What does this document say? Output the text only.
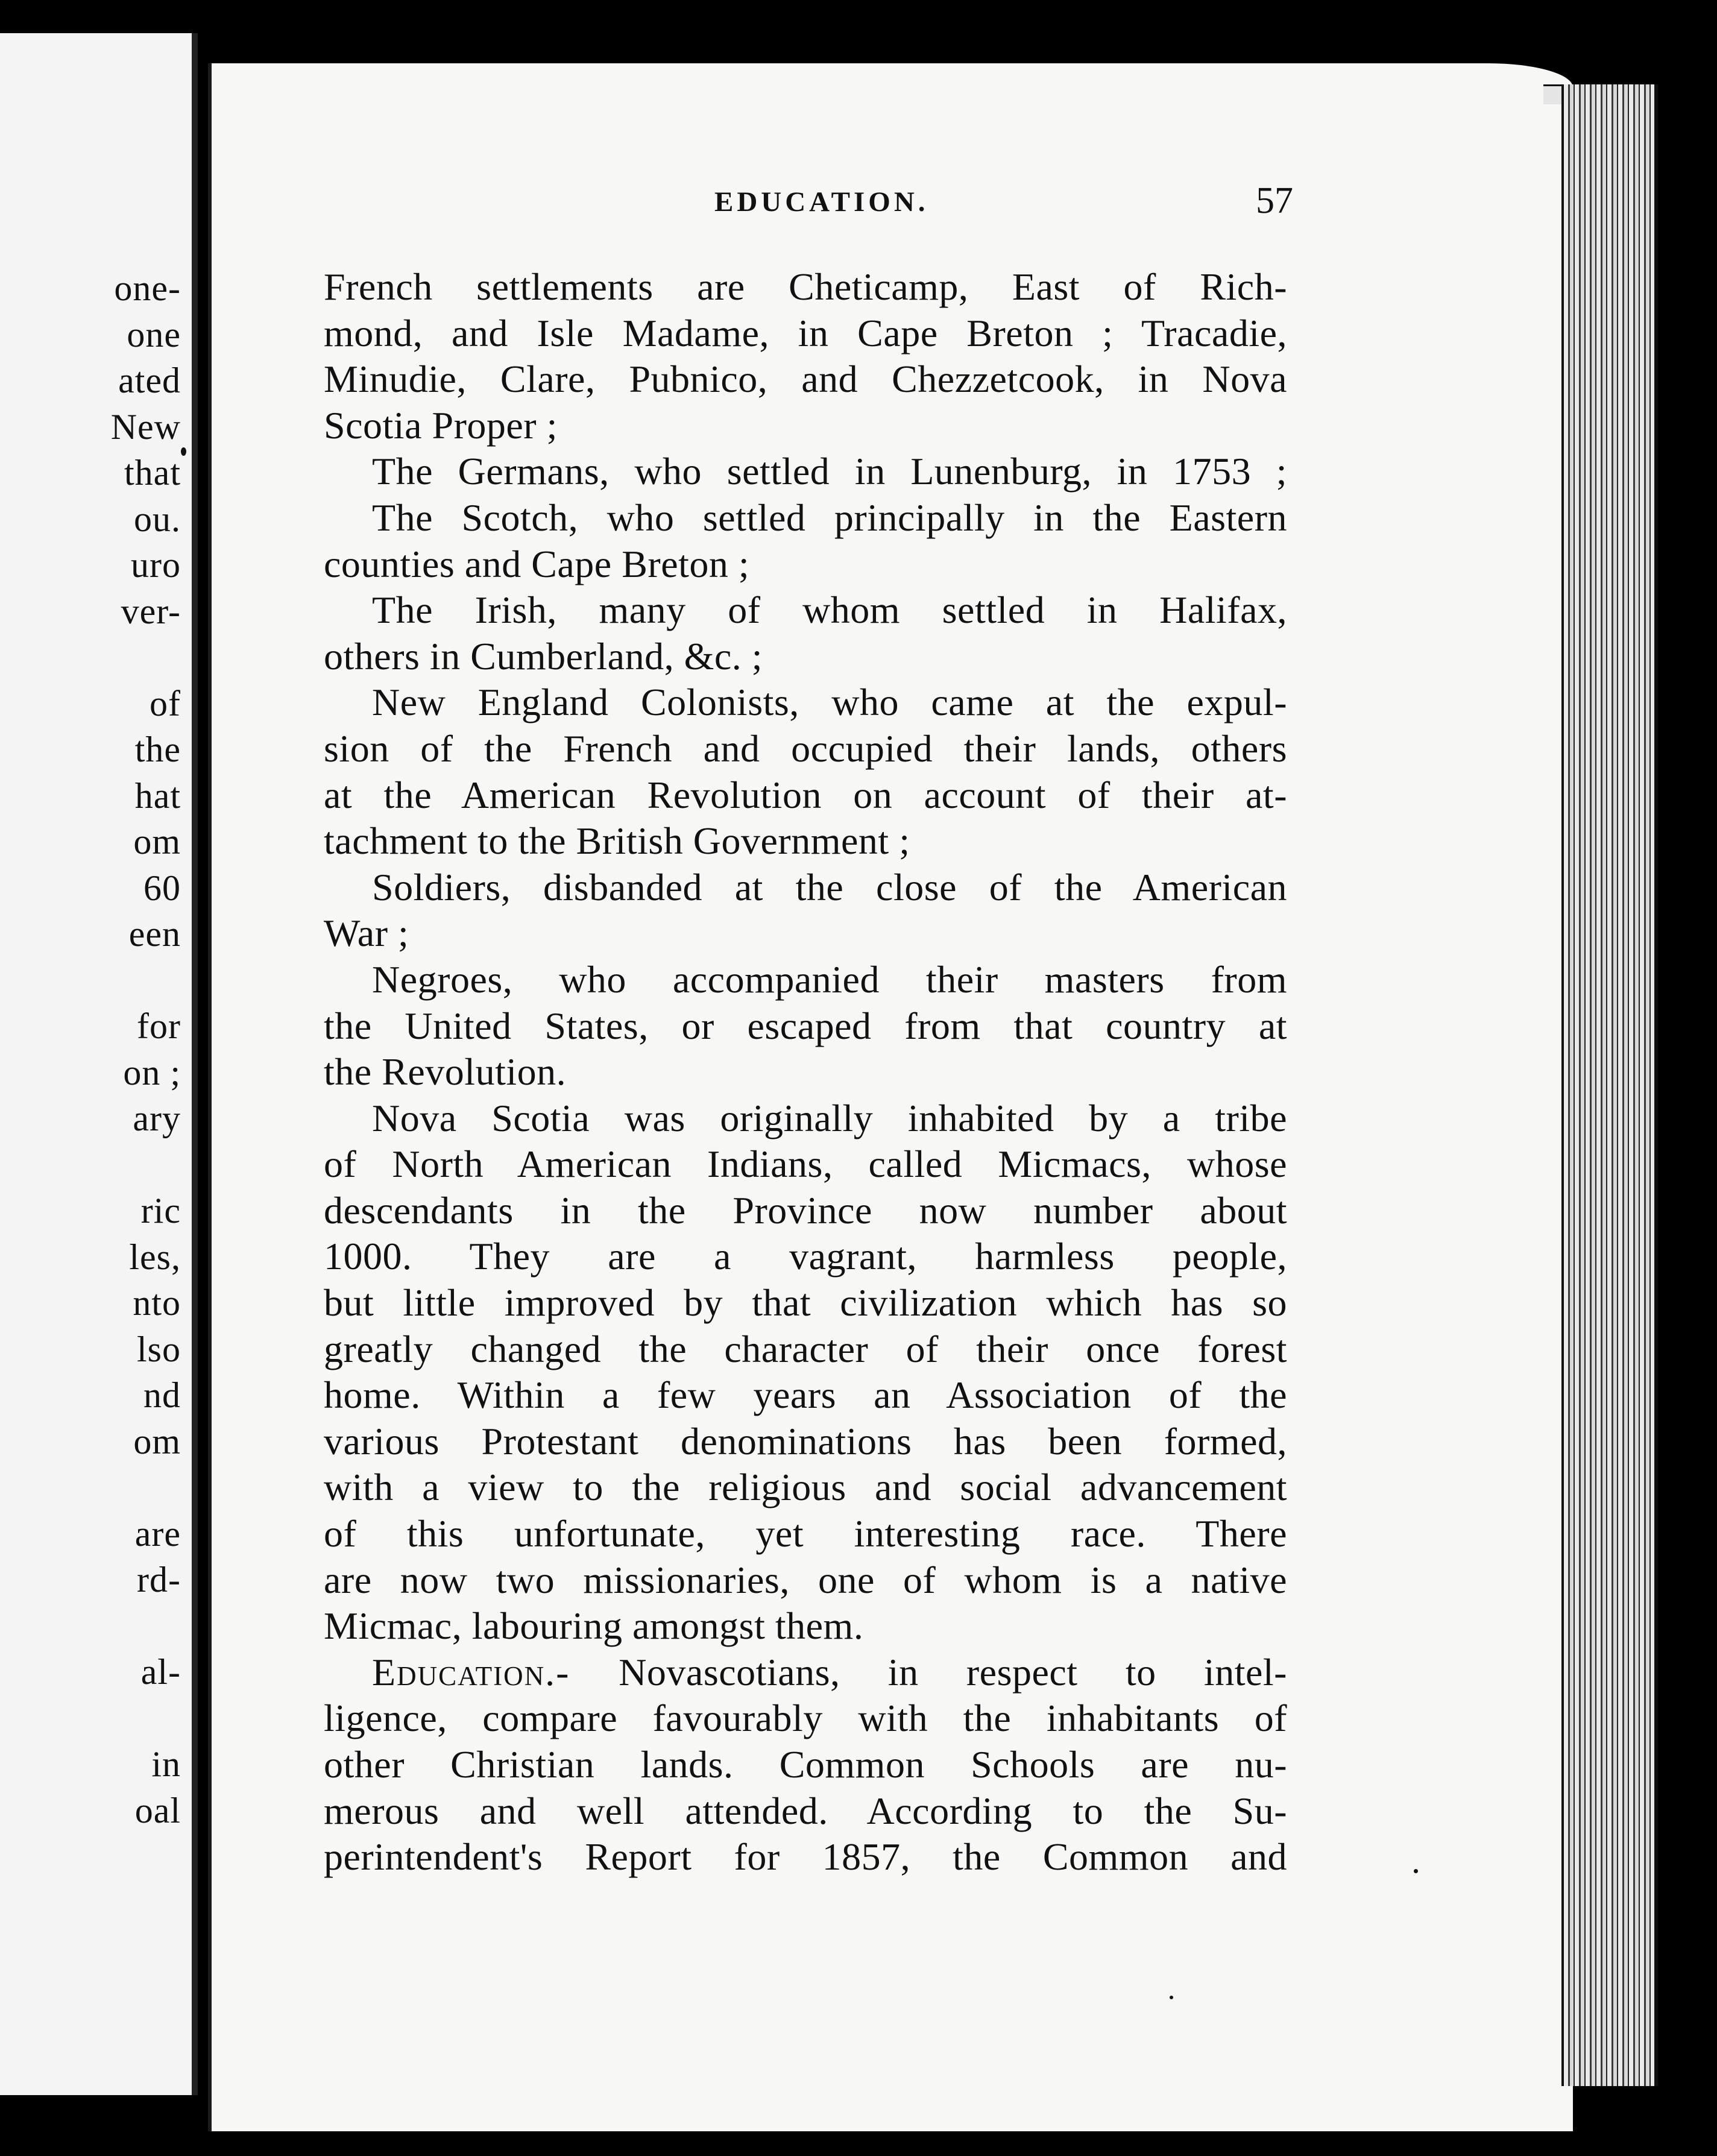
one-
one
ated
New
that
ou.
uro
ver-

of
the
hat
om
60
een

for
on ;
ary

ric
les,
nto
lso
nd
om

are
rd-

al-

in
oal
EDUCATION.	57
French settlements are Cheticamp, East of Rich-
mond, and Isle Madame, in Cape Breton ; Tracadie,
Minudie, Clare, Pubnico, and Chezzetcook, in Nova
Scotia Proper ;
The Germans, who settled in Lunenburg, in 1753 ;
The Scotch, who settled principally in the Eastern
counties and Cape Breton ;
The Irish, many of whom settled in Halifax,
others in Cumberland, &c. ;
New England Colonists, who came at the expul-
sion of the French and occupied their lands, others
at the American Revolution on account of their at-
tachment to the British Government ;
Soldiers, disbanded at the close of the American
War ;
Negroes, who accompanied their masters from
the United States, or escaped from that country at
the Revolution.
Nova Scotia was originally inhabited by a tribe
of North American Indians, called Micmacs, whose
descendants in the Province now number about
1000. They are a vagrant, harmless people,
but little improved by that civilization which has so
greatly changed the character of their once forest
home. Within a few years an Association of the
various Protestant denominations has been formed,
with a view to the religious and social advancement
of this unfortunate, yet interesting race. There
are now two missionaries, one of whom is a native
Micmac, labouring amongst them.
Education.- Novascotians, in respect to intel-
ligence, compare favourably with the inhabitants of
other Christian lands. Common Schools are nu-
merous and well attended. According to the Su-
perintendent's Report for 1857, the Common and
